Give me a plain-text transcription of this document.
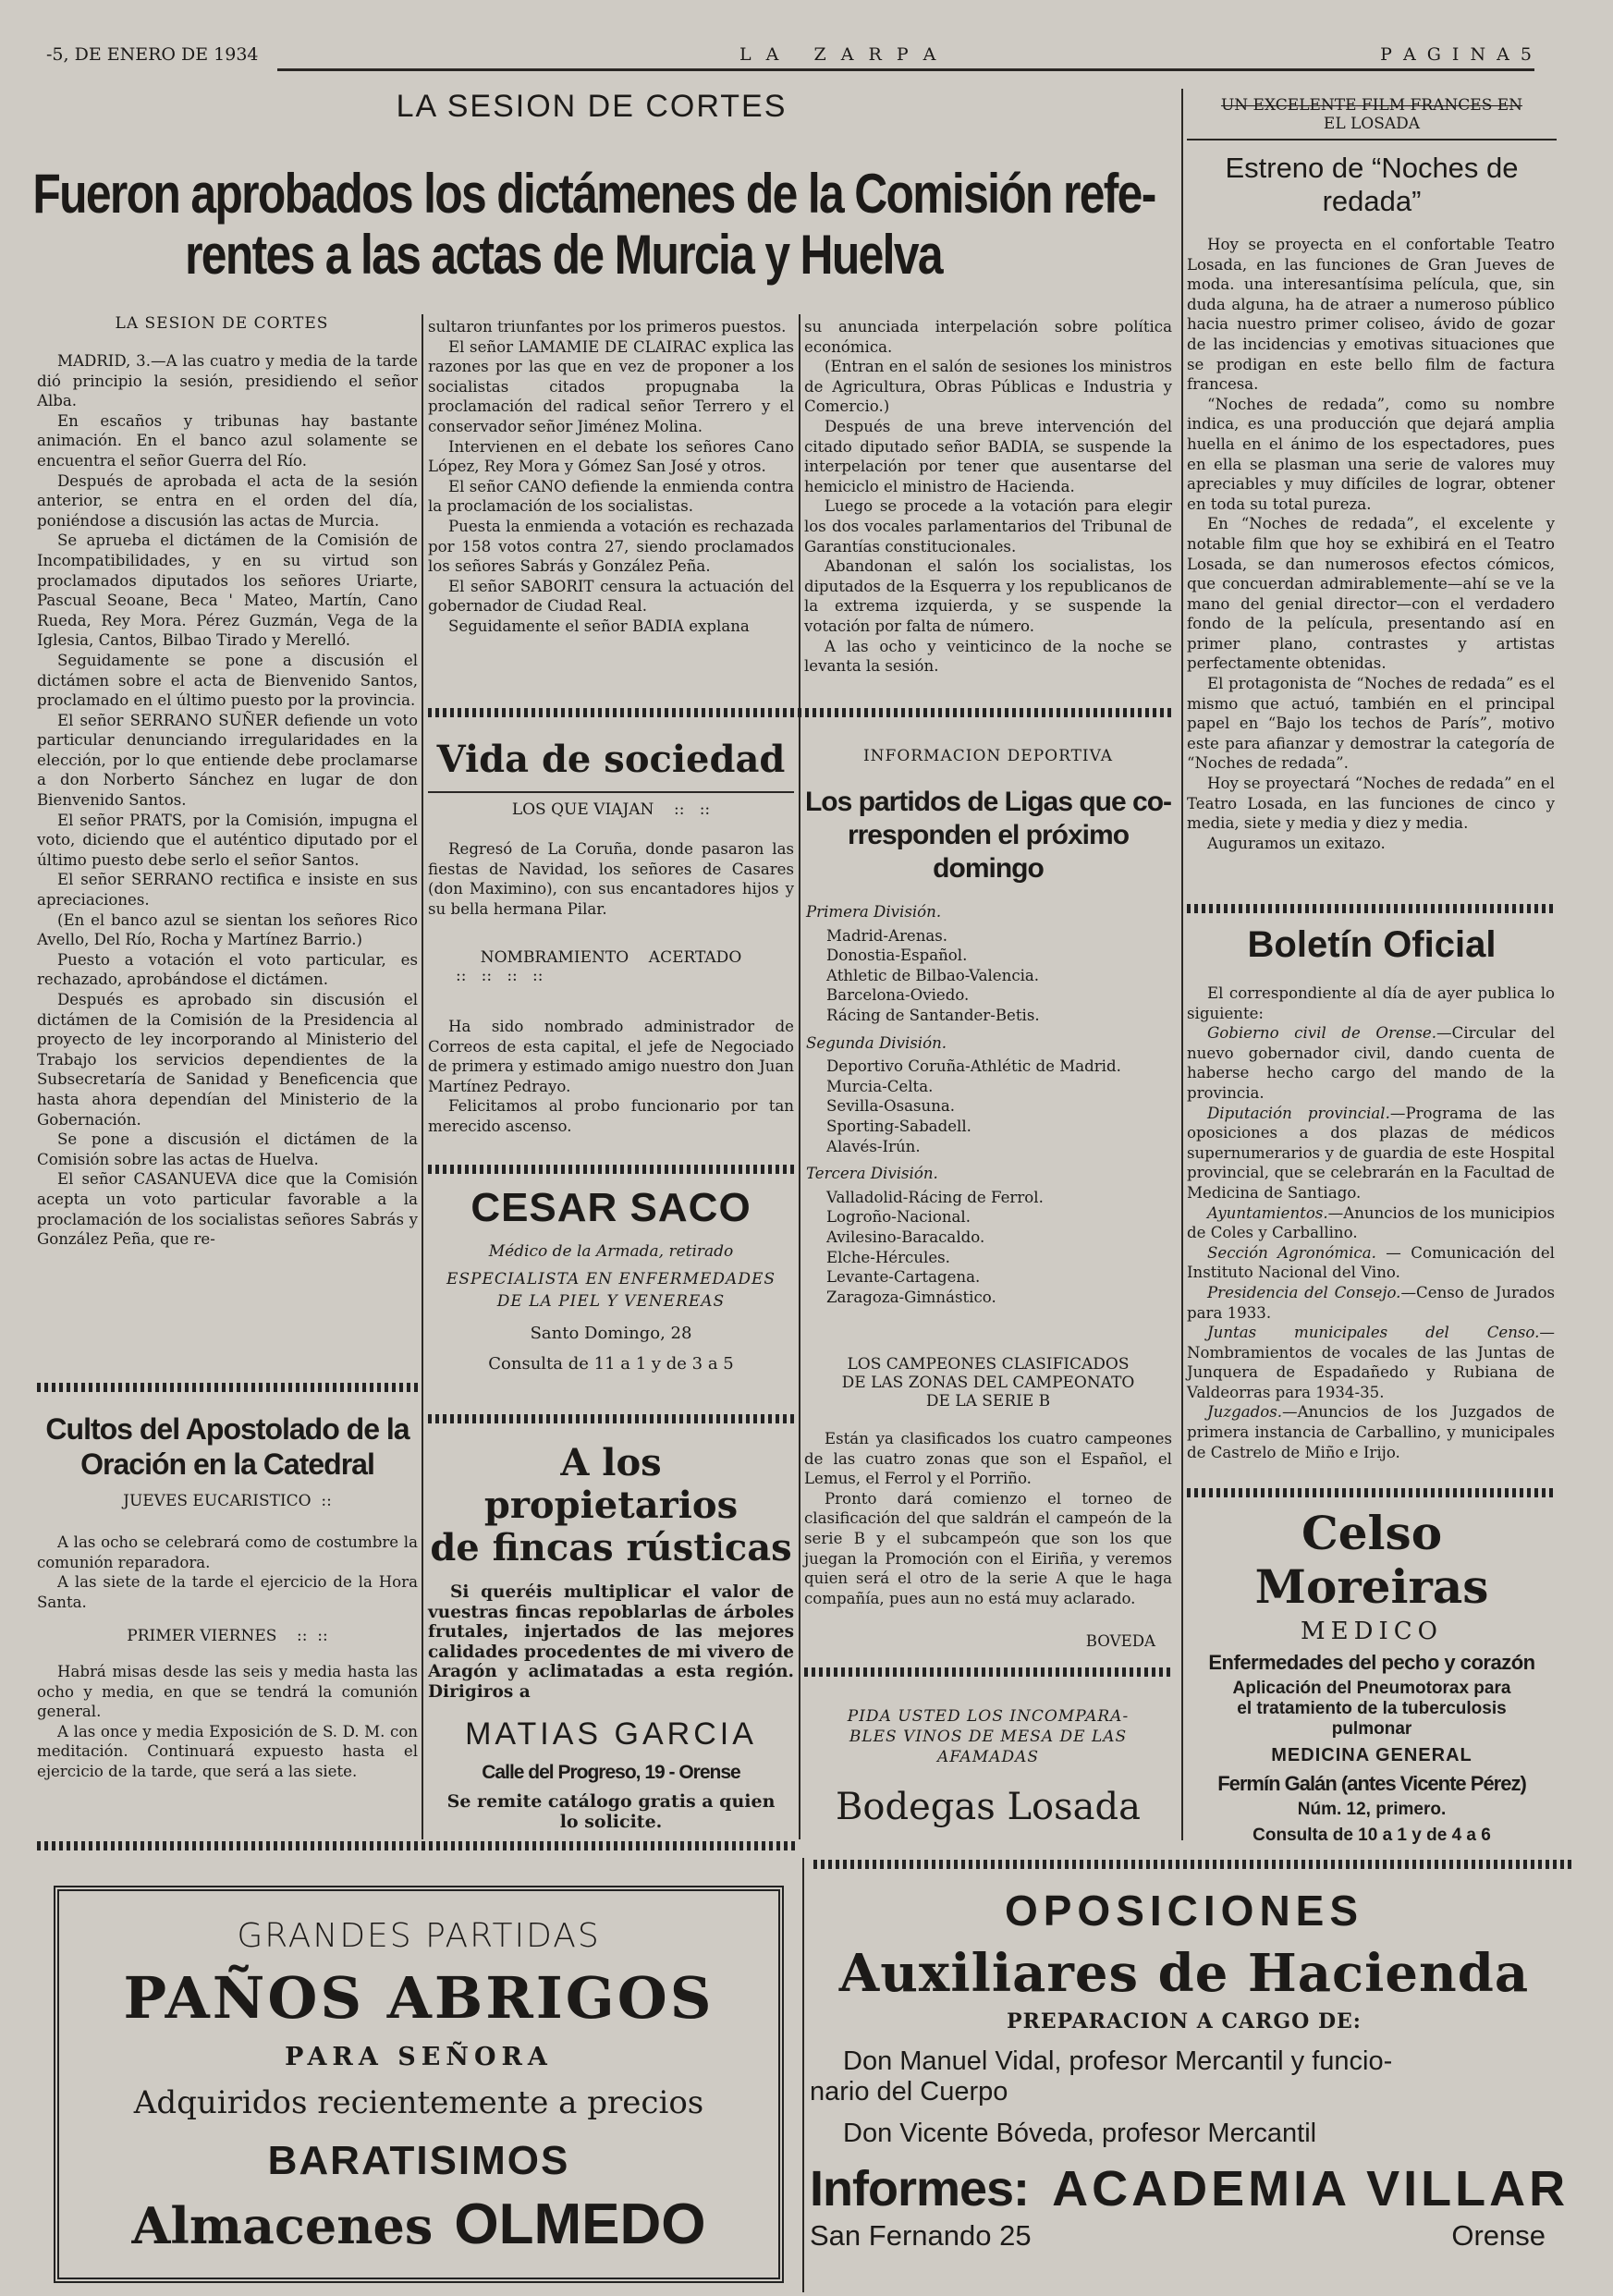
-5, DE ENERO DE 1934	L A   Z A R P A	P A G I N A 5
LA SESION DE CORTES
Fueron aprobados los dictámenes de la Comisión refe-
rentes a las actas de Murcia y Huelva
LA SESION DE CORTES

MADRID, 3.—A las cuatro y media de la tarde dió principio la sesión, presidiendo el señor Alba.

En escaños y tribunas hay bastante animación. En el banco azul solamente se encuentra el señor Guerra del Río.

Después de aprobada el acta de la sesión anterior, se entra en el orden del día, poniéndose a discusión las actas de Murcia.

Se aprueba el dictámen de la Comisión de Incompatibilidades, y en su virtud son proclamados diputados los señores Uriarte, Pascual Seoane, Beca ' Mateo, Martín, Cano Rueda, Rey Mora. Pérez Guzmán, Vega de la Iglesia, Cantos, Bilbao Tirado y Merelló.

Seguidamente se pone a discusión el dictámen sobre el acta de Bienvenido Santos, proclamado en el último puesto por la provincia.

El señor SERRANO SUÑER defiende un voto particular denunciando irregularidades en la elección, por lo que entiende debe proclamarse a don Norberto Sánchez en lugar de don Bienvenido Santos.

El señor PRATS, por la Comisión, impugna el voto, diciendo que el auténtico diputado por el último puesto debe serlo el señor Santos.

El señor SERRANO rectifica e insiste en sus apreciaciones.

(En el banco azul se sientan los señores Rico Avello, Del Río, Rocha y Martínez Barrio.)

Puesto a votación el voto particular, es rechazado, aprobándose el dictámen.

Después es aprobado sin discusión el dictámen de la Comisión de la Presidencia al proyecto de ley incorporando al Ministerio del Trabajo los servicios dependientes de la Subsecretaría de Sanidad y Beneficencia que hasta ahora dependían del Ministerio de la Gobernación.

Se pone a discusión el dictámen de la Comisión sobre las actas de Huelva.

El señor CASANUEVA dice que la Comisión acepta un voto particular favorable a la proclamación de los socialistas señores Sabrás y González Peña, que re-

sultaron triunfantes por los primeros puestos.

El señor LAMAMIE DE CLAIRAC explica las razones por las que en vez de proponer a los socialistas citados propugnaba la proclamación del radical señor Terrero y el conservador señor Jiménez Molina.

Intervienen en el debate los señores Cano López, Rey Mora y Gómez San José y otros.

El señor CANO defiende la enmienda contra la proclamación de los socialistas.

Puesta la enmienda a votación es rechazada por 158 votos contra 27, siendo proclamados los señores Sabrás y González Peña.

El señor SABORIT censura la actuación del gobernador de Ciudad Real.

Seguidamente el señor BADIA explana

su anunciada interpelación sobre política económica.

(Entran en el salón de sesiones los ministros de Agricultura, Obras Públicas e Industria y Comercio.)

Después de una breve intervención del citado diputado señor BADIA, se suspende la interpelación por tener que ausentarse del hemiciclo el ministro de Hacienda.

Luego se procede a la votación para elegir los dos vocales parlamentarios del Tribunal de Garantías constitucionales.

Abandonan el salón los socialistas, los diputados de la Esquerra y los republicanos de la extrema izquierda, y se suspende la votación por falta de número.

A las ocho y veinticinco de la noche se levanta la sesión.

UN EXCELENTE FILM FRANCES EN
EL LOSADA
Estreno de “Noches de
redada”

Hoy se proyecta en el confortable Teatro Losada, en las funciones de Gran Jueves de moda. una interesantísima película, que, sin duda alguna, ha de atraer a numeroso público hacia nuestro primer coliseo, ávido de gozar de las incidencias y emotivas situaciones que se prodigan en este bello film de factura francesa.

“Noches de redada”, como su nombre indica, es una producción que dejará amplia huella en el ánimo de los espectadores, pues en ella se plasman una serie de valores muy apreciables y muy difíciles de lograr, obtener en toda su total pureza.

En “Noches de redada”, el excelente y notable film que hoy se exhibirá en el Teatro Losada, se dan numerosos efectos cómicos, que concuerdan admirablemente—ahí se ve la mano del genial director—con el verdadero fondo de la película, presentando así en primer plano, contrastes y artistas perfectamente obtenidas.

El protagonista de “Noches de redada” es el mismo que actuó, también en el principal papel en “Bajo los techos de París”, motivo este para afianzar y demostrar la categoría de “Noches de redada”.

Hoy se proyectará “Noches de redada” en el Teatro Losada, en las funciones de cinco y media, siete y media y diez y media.

Auguramos un exitazo.

Boletín Oficial

El correspondiente al día de ayer publica lo siguiente:

Gobierno civil de Orense.—Circular del nuevo gobernador civil, dando cuenta de haberse hecho cargo del mando de la provincia.

Diputación provincial.—Programa de las oposiciones a dos plazas de médicos supernumerarios y de guardia de este Hospital provincial, que se celebrarán en la Facultad de Medicina de Santiago.

Ayuntamientos.—Anuncios de los municipios de Coles y Carballino.

Sección Agronómica. — Comunicación del Instituto Nacional del Vino.

Presidencia del Consejo.—Censo de Jurados para 1933.

Juntas municipales del Censo.—Nombramientos de vocales de las Juntas de Junquera de Espadañedo y Rubiana de Valdeorras para 1934-35.

Juzgados.—Anuncios de los Juzgados de primera instancia de Carballino, y municipales de Castrelo de Miño e Irijo.

Celso Moreiras
MEDICO
Enfermedades del pecho y corazón
Aplicación del Pneumotorax para
el tratamiento de la tuberculosis
pulmonar
MEDICINA GENERAL
Fermín Galán (antes Vicente Pérez)
Núm. 12, primero.
Consulta de 10 a 1 y de 4 a 6
Cultos del Apostolado de la
Oración en la Catedral
JUEVES EUCARISTICO  ::

A las ocho se celebrará como de costumbre la comunión reparadora.

A las siete de la tarde el ejercicio de la Hora Santa.

PRIMER VIERNES    ::  ::

Habrá misas desde las seis y media hasta las ocho y media, en que se tendrá la comunión general.

A las once y media Exposición de S. D. M. con meditación. Continuará expuesto hasta el ejercicio de la tarde, que será a las siete.

Vida de sociedad
LOS QUE VIAJAN    ::   ::

Regresó de La Coruña, donde pasaron las fiestas de Navidad, los señores de Casares (don Maximino), con sus encantadores hijos y su bella hermana Pilar.

NOMBRAMIENTO    ACERTADO
::   ::   ::   ::

Ha sido nombrado administrador de Correos de esta capital, el jefe de Negociado de primera y estimado amigo nuestro don Juan Martínez Pedrayo.

Felicitamos al probo funcionario por tan merecido ascenso.

CESAR SACO
Médico de la Armada, retirado
ESPECIALISTA EN ENFERMEDADES DE LA PIEL Y VENEREAS
Santo Domingo, 28
Consulta de 11 a 1 y de 3 a 5
A los propietarios
de fincas rústicas
Si queréis multiplicar el valor de vuestras fincas repoblarlas de árboles frutales, injertados de las mejores calidades procedentes de mi vivero de Aragón y aclimatadas a esta región. Dirigiros a
MATIAS GARCIA
Calle del Progreso, 19 - Orense
Se remite catálogo gratis a quien lo solicite.
INFORMACION DEPORTIVA
Los partidos de Ligas que co-
rresponden el próximo
domingo
Primera División.
Madrid-Arenas.
Donostia-Español.
Athletic de Bilbao-Valencia.
Barcelona-Oviedo.
Rácing de Santander-Betis.
Segunda División.
Deportivo Coruña-Athlétic de Madrid.
Murcia-Celta.
Sevilla-Osasuna.
Sporting-Sabadell.
Alavés-Irún.
Tercera División.
Valladolid-Rácing de Ferrol.
Logroño-Nacional.
Avilesino-Baracaldo.
Elche-Hércules.
Levante-Cartagena.
Zaragoza-Gimnástico.
LOS CAMPEONES CLASIFICADOS
DE LAS ZONAS DEL CAMPEONATO
DE LA SERIE B

Están ya clasificados los cuatro campeones de las cuatro zonas que son el Español, el Lemus, el Ferrol y el Porriño.

Pronto dará comienzo el torneo de clasificación del que saldrán el campeón de la serie B y el subcampeón que son los que juegan la Promoción con el Eiriña, y veremos quien será el otro de la serie A que le haga compañía, pues aun no está muy aclarado.

BOVEDA
PIDA USTED LOS INCOMPARA-
BLES VINOS DE MESA DE LAS
AFAMADAS
Bodegas Losada
GRANDES PARTIDAS
PAÑOS ABRIGOS
PARA SEÑORA
Adquiridos recientemente a precios
BARATISIMOS
Almacenes OLMEDO
OPOSICIONES
Auxiliares de Hacienda
PREPARACION A CARGO DE:
Don Manuel Vidal, profesor Mercantil y funcio-
nario del Cuerpo
Don Vicente Bóveda, profesor Mercantil
Informes: ACADEMIA VILLAR
San Fernando 25	Orense
